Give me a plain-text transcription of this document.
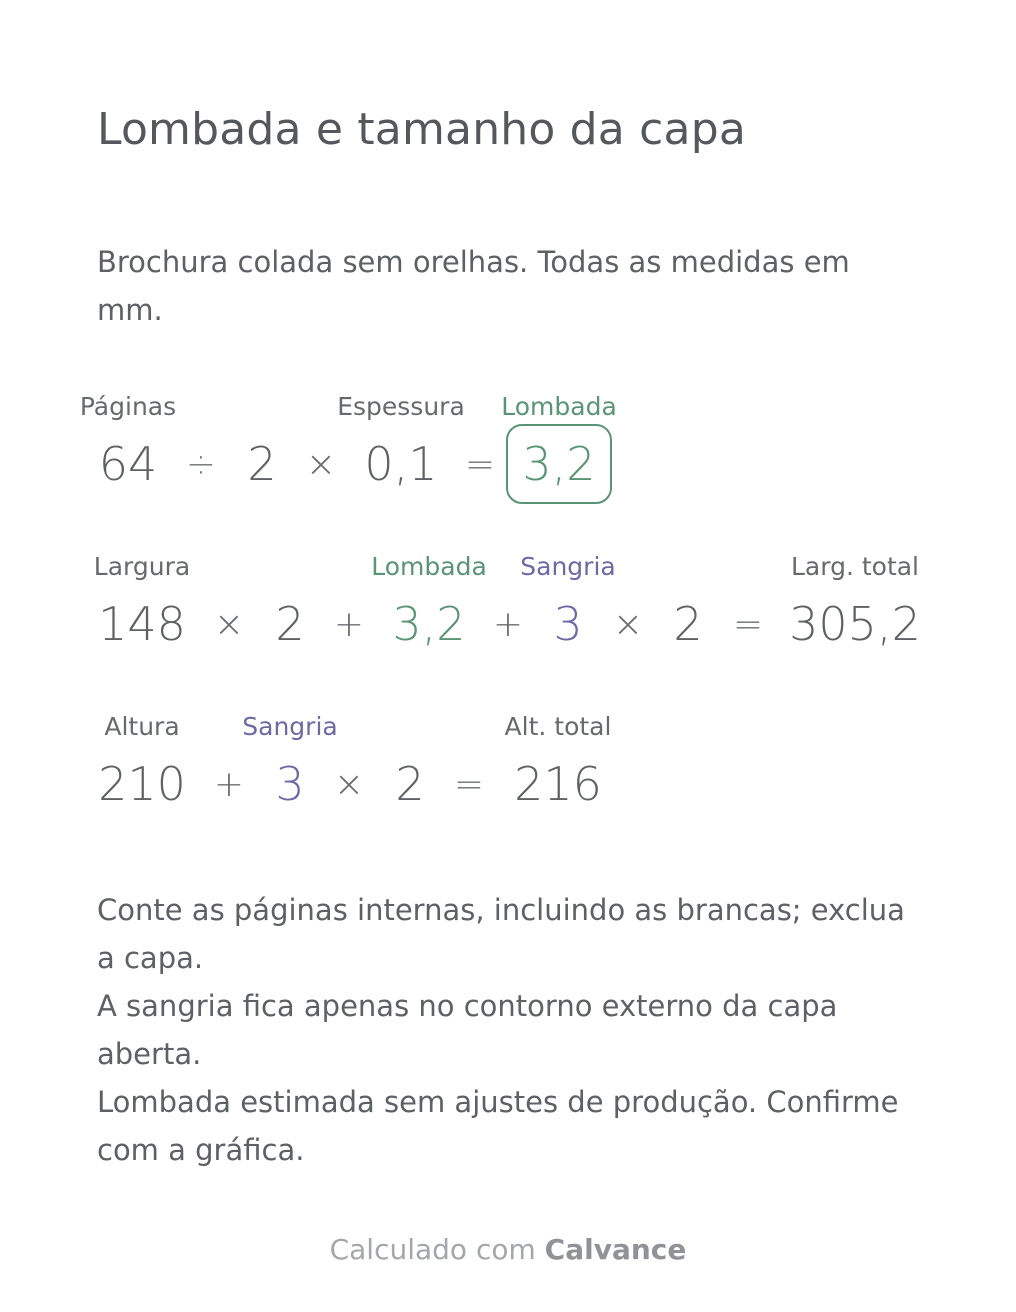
Lombada e tamanho da capa

Brochura colada sem orelhas. Todas as medidas em mm.

Páginas	Espessura Lombada
64 ÷ 2 × 0,1 = 3,2
Largura	Lombada Sangria	Larg. total
148 × 2 + 3,2 + 3 × 2 = 305,2
Altura	Sangria	Alt. total
210 + 3 × 2 = 216

Conte as páginas internas, incluindo as brancas; exclua a capa.

A sangria fica apenas no contorno externo da capa aberta.

Lombada estimada sem ajustes de produção. Confirme com a gráfica.

Calculado com Calvance
